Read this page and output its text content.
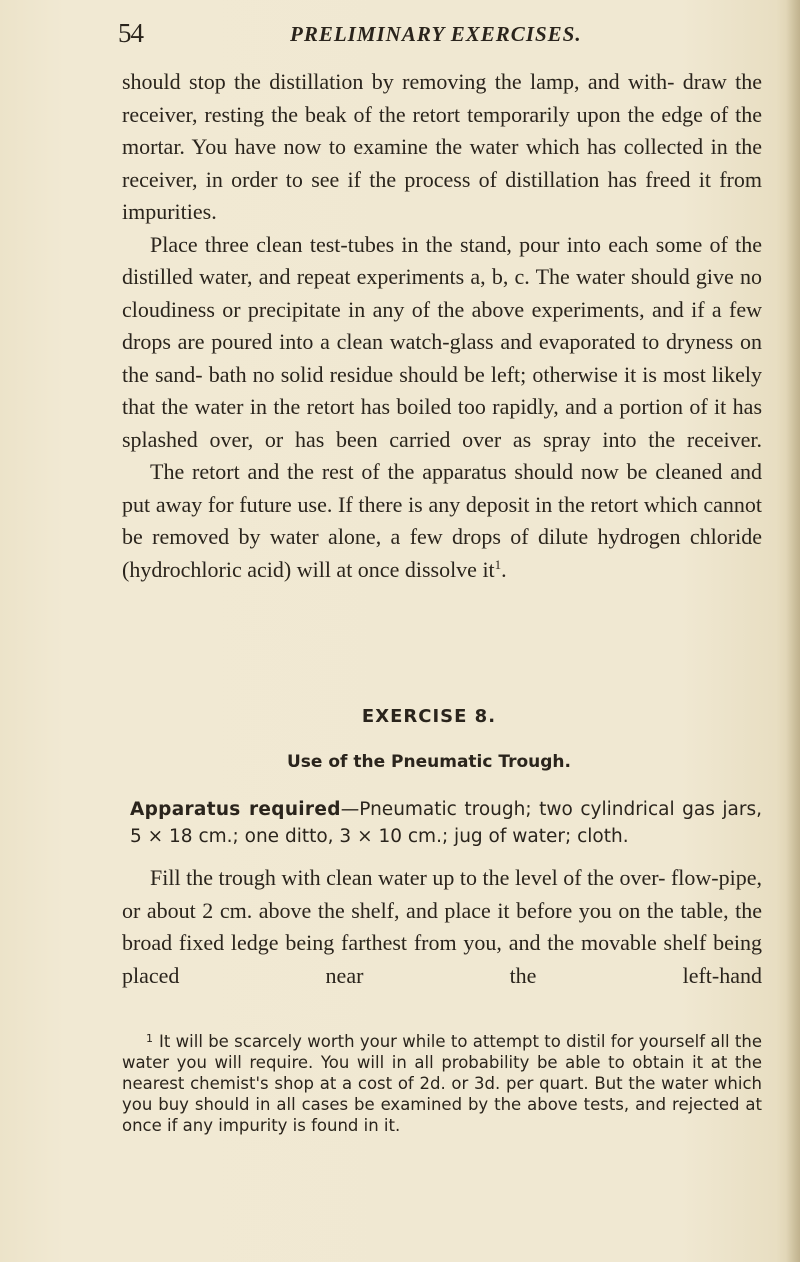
54	PRELIMINARY EXERCISES.

should stop the distillation by removing the lamp, and with- draw the receiver, resting the beak of the retort temporarily upon the edge of the mortar. You have now to examine the water which has collected in the receiver, in order to see if the process of distillation has freed it from impurities.

Place three clean test-tubes in the stand, pour into each some of the distilled water, and repeat experiments a, b, c. The water should give no cloudiness or precipitate in any of the above experiments, and if a few drops are poured into a clean watch-glass and evaporated to dryness on the sand- bath no solid residue should be left; otherwise it is most likely that the water in the retort has boiled too rapidly, and a portion of it has splashed over, or has been carried over as spray into the receiver.

The retort and the rest of the apparatus should now be cleaned and put away for future use. If there is any deposit in the retort which cannot be removed by water alone, a few drops of dilute hydrogen chloride (hydrochloric acid) will at once dissolve $it^1$.

EXERCISE 8.
Use of the Pneumatic Trough.
Apparatus required—Pneumatic trough; two cylindrical gas jars, 5 × 18 cm.; one ditto, 3 × 10 cm.; jug of water; cloth.

Fill the trough with clean water up to the level of the over- flow-pipe, or about 2 cm. above the shelf, and place it before you on the table, the broad fixed ledge being farthest from you, and the movable shelf being placed near the left-hand

$^1$ It will be scarcely worth your while to attempt to distil for yourself all the water you will require. You will in all probability be able to obtain it at the nearest chemist's shop at a cost of 2d. or 3d. per quart. But the water which you buy should in all cases be examined by the above tests, and rejected at once if any impurity is found in it.
